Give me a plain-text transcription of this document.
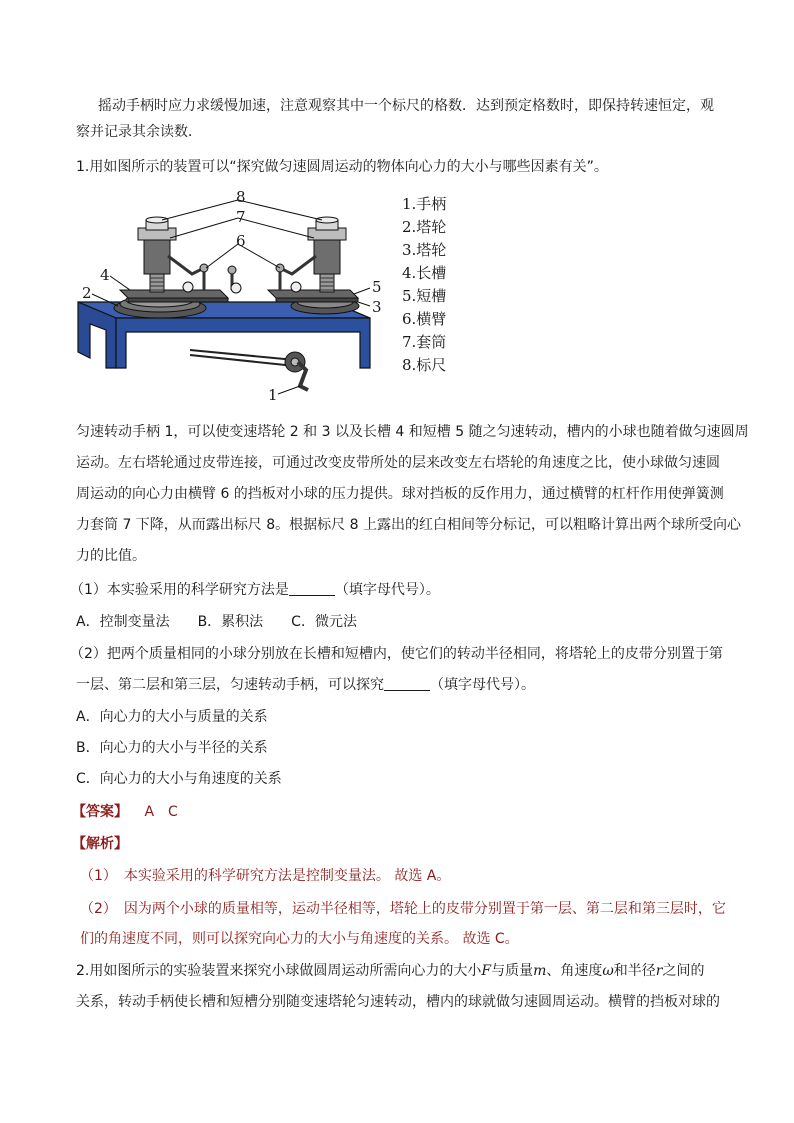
摇动手柄时应力求缓慢加速，注意观察其中一个标尺的格数．达到预定格数时，即保持转速恒定，观
察并记录其余读数．
1.用如图所示的装置可以“探究做匀速圆周运动的物体向心力的大小与哪些因素有关”。
8
7
6
4
2	5
3
1
1.手柄
2.塔轮
3.塔轮
4.长槽
5.短槽
6.横臂
7.套筒
8.标尺
匀速转动手柄 1，可以使变速塔轮 2 和 3 以及长槽 4 和短槽 5 随之匀速转动，槽内的小球也随着做匀速圆周
运动。左右塔轮通过皮带连接，可通过改变皮带所处的层来改变左右塔轮的角速度之比，使小球做匀速圆
周运动的向心力由横臂 6 的挡板对小球的压力提供。球对挡板的反作用力，通过横臂的杠杆作用使弹簧测
力套筒 7 下降，从而露出标尺 8。根据标尺 8 上露出的红白相间等分标记，可以粗略计算出两个球所受向心
力的比值。
（1）本实验采用的科学研究方法是	（填字母代号）。
A．控制变量法　　B．累积法　　C．微元法
（2）把两个质量相同的小球分别放在长槽和短槽内，使它们的转动半径相同，将塔轮上的皮带分别置于第
一层、第二层和第三层，匀速转动手柄，可以探究	（填字母代号）。
A．向心力的大小与质量的关系
B．向心力的大小与半径的关系
C．向心力的大小与角速度的关系
【答案】 A　C
【解析】
（1）　本实验采用的科学研究方法是控制变量法。 故选 A。
（2）　因为两个小球的质量相等，运动半径相等，塔轮上的皮带分别置于第一层、第二层和第三层时，它
们的角速度不同，则可以探究向心力的大小与角速度的关系。 故选 C。
2.用如图所示的实验装置来探究小球做圆周运动所需向心力的大小F与质量m、角速度ω和半径r之间的
关系，转动手柄使长槽和短槽分别随变速塔轮匀速转动，槽内的球就做匀速圆周运动。横臂的挡板对球的
